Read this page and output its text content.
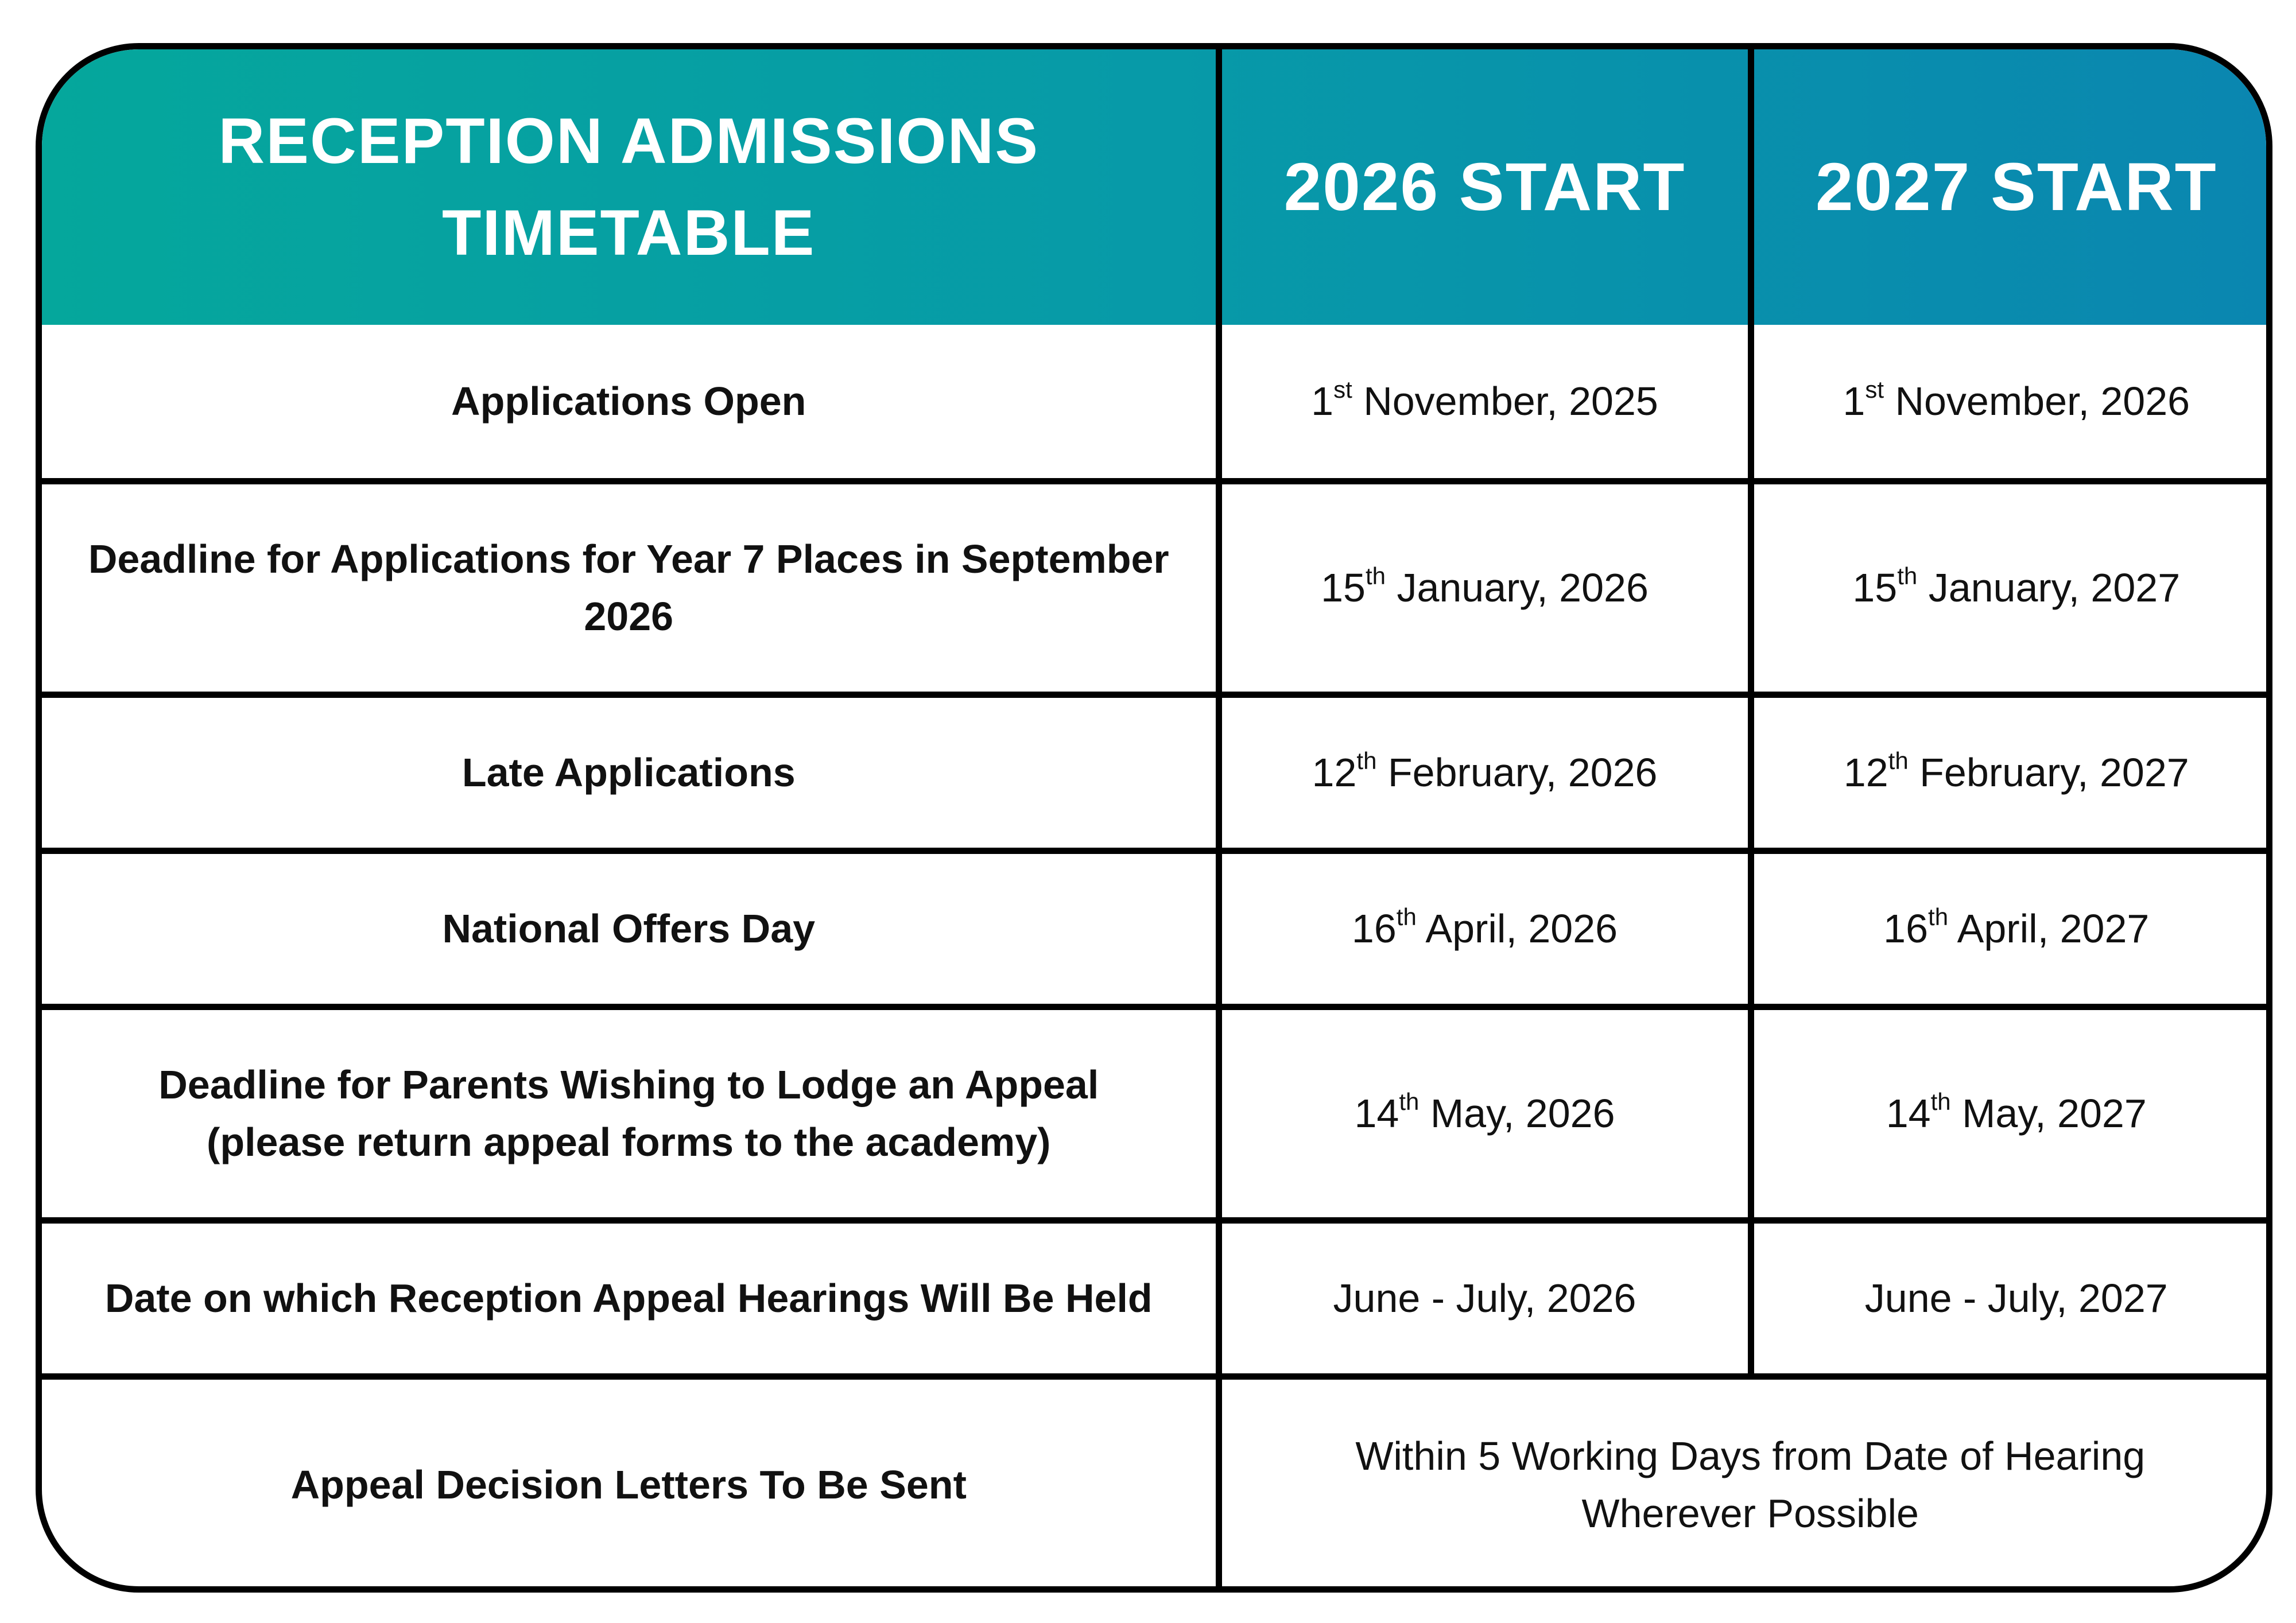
RECEPTION ADMISSIONS
TIMETABLE	2026 START	2027 START
Applications Open	1st November, 2025	1st November, 2026

Deadline for Applications for Year 7 Places in September
2026	15th January, 2026	15th January, 2027
Late Applications	12th February, 2026	12th February, 2027
National Offers Day	16th April, 2026	16th April, 2027

Deadline for Parents Wishing to Lodge an Appeal
(please return appeal forms to the academy)	14th May, 2026	14th May, 2027
Date on which Reception Appeal Hearings Will Be Held	June - July, 2026	June - July, 2027
Appeal Decision Letters To Be Sent	Within 5 Working Days from Date of Hearing
Wherever Possible	
